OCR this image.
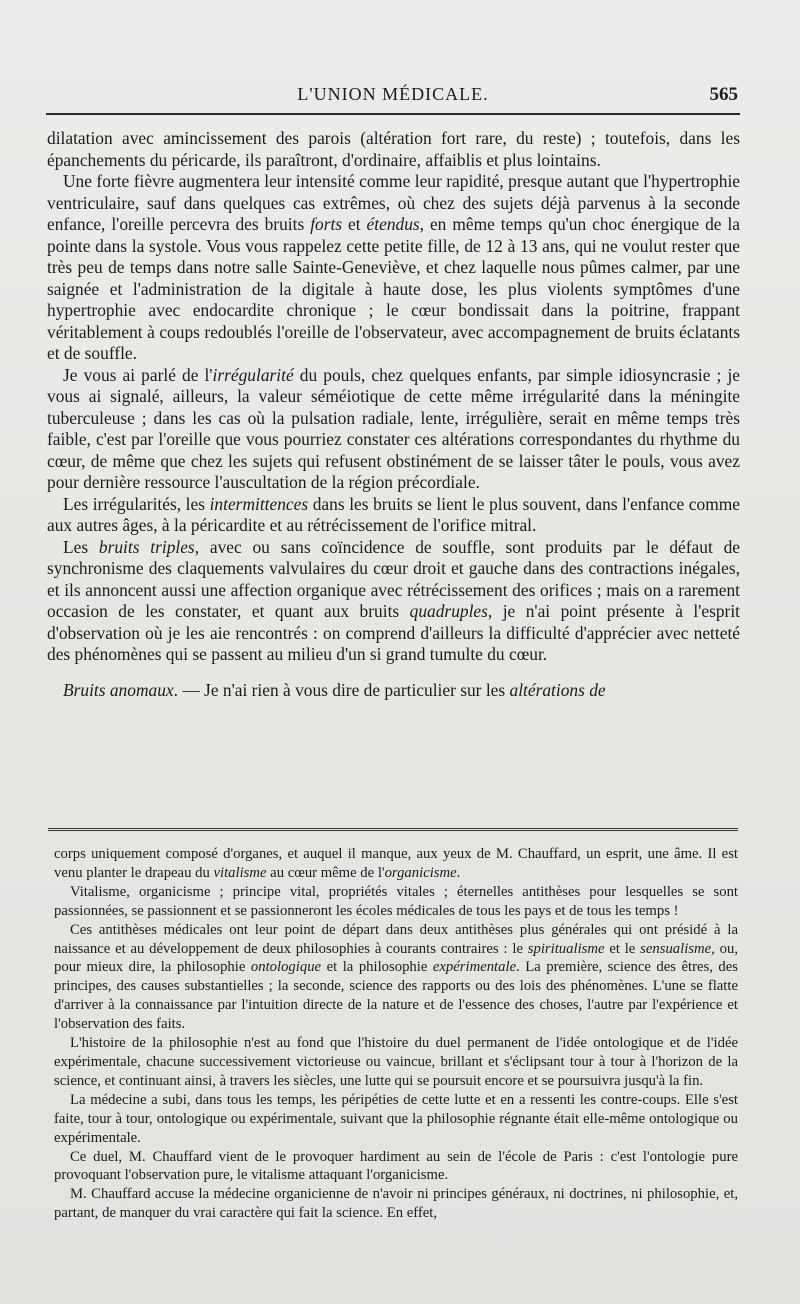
L'UNION MÉDICALE.	565

dilatation avec amincissement des parois (altération fort rare, du reste) ; toutefois, dans les épanchements du péricarde, ils paraîtront, d'ordinaire, affaiblis et plus lointains.

Une forte fièvre augmentera leur intensité comme leur rapidité, presque autant que l'hypertrophie ventriculaire, sauf dans quelques cas extrêmes, où chez des sujets déjà parvenus à la seconde enfance, l'oreille percevra des bruits forts et étendus, en même temps qu'un choc énergique de la pointe dans la systole. Vous vous rappelez cette petite fille, de 12 à 13 ans, qui ne voulut rester que très peu de temps dans notre salle Sainte-Geneviève, et chez laquelle nous pûmes calmer, par une saignée et l'administration de la digitale à haute dose, les plus violents symptômes d'une hypertrophie avec endocardite chronique ; le cœur bondissait dans la poitrine, frappant véritablement à coups redoublés l'oreille de l'observateur, avec accompagnement de bruits éclatants et de souffle.

Je vous ai parlé de l'irrégularité du pouls, chez quelques enfants, par simple idiosyncrasie ; je vous ai signalé, ailleurs, la valeur séméiotique de cette même irrégularité dans la méningite tuberculeuse ; dans les cas où la pulsation radiale, lente, irrégulière, serait en même temps très faible, c'est par l'oreille que vous pourriez constater ces altérations correspondantes du rhythme du cœur, de même que chez les sujets qui refusent obstinément de se laisser tâter le pouls, vous avez pour dernière ressource l'auscultation de la région précordiale.

Les irrégularités, les intermittences dans les bruits se lient le plus souvent, dans l'enfance comme aux autres âges, à la péricardite et au rétrécissement de l'orifice mitral.

Les bruits triples, avec ou sans coïncidence de souffle, sont produits par le défaut de synchronisme des claquements valvulaires du cœur droit et gauche dans des contractions inégales, et ils annoncent aussi une affection organique avec rétrécissement des orifices ; mais on a rarement occasion de les constater, et quant aux bruits quadruples, je n'ai point présente à l'esprit d'observation où je les aie rencontrés : on comprend d'ailleurs la difficulté d'apprécier avec netteté des phénomènes qui se passent au milieu d'un si grand tumulte du cœur.

Bruits anomaux. — Je n'ai rien à vous dire de particulier sur les altérations de

corps uniquement composé d'organes, et auquel il manque, aux yeux de M. Chauffard, un esprit, une âme. Il est venu planter le drapeau du vitalisme au cœur même de l'organicisme.

Vitalisme, organicisme ; principe vital, propriétés vitales ; éternelles antithèses pour lesquelles se sont passionnées, se passionnent et se passionneront les écoles médicales de tous les pays et de tous les temps !

Ces antithèses médicales ont leur point de départ dans deux antithèses plus générales qui ont présidé à la naissance et au développement de deux philosophies à courants contraires : le spiritualisme et le sensualisme, ou, pour mieux dire, la philosophie ontologique et la philosophie expérimentale. La première, science des êtres, des principes, des causes substantielles ; la seconde, science des rapports ou des lois des phénomènes. L'une se flatte d'arriver à la connaissance par l'intuition directe de la nature et de l'essence des choses, l'autre par l'expérience et l'observation des faits.

L'histoire de la philosophie n'est au fond que l'histoire du duel permanent de l'idée ontologique et de l'idée expérimentale, chacune successivement victorieuse ou vaincue, brillant et s'éclipsant tour à tour à l'horizon de la science, et continuant ainsi, à travers les siècles, une lutte qui se poursuit encore et se poursuivra jusqu'à la fin.

La médecine a subi, dans tous les temps, les péripéties de cette lutte et en a ressenti les contre-coups. Elle s'est faite, tour à tour, ontologique ou expérimentale, suivant que la philosophie régnante était elle-même ontologique ou expérimentale.

Ce duel, M. Chauffard vient de le provoquer hardiment au sein de l'école de Paris : c'est l'ontologie pure provoquant l'observation pure, le vitalisme attaquant l'organicisme.

M. Chauffard accuse la médecine organicienne de n'avoir ni principes généraux, ni doctrines, ni philosophie, et, partant, de manquer du vrai caractère qui fait la science. En effet,
